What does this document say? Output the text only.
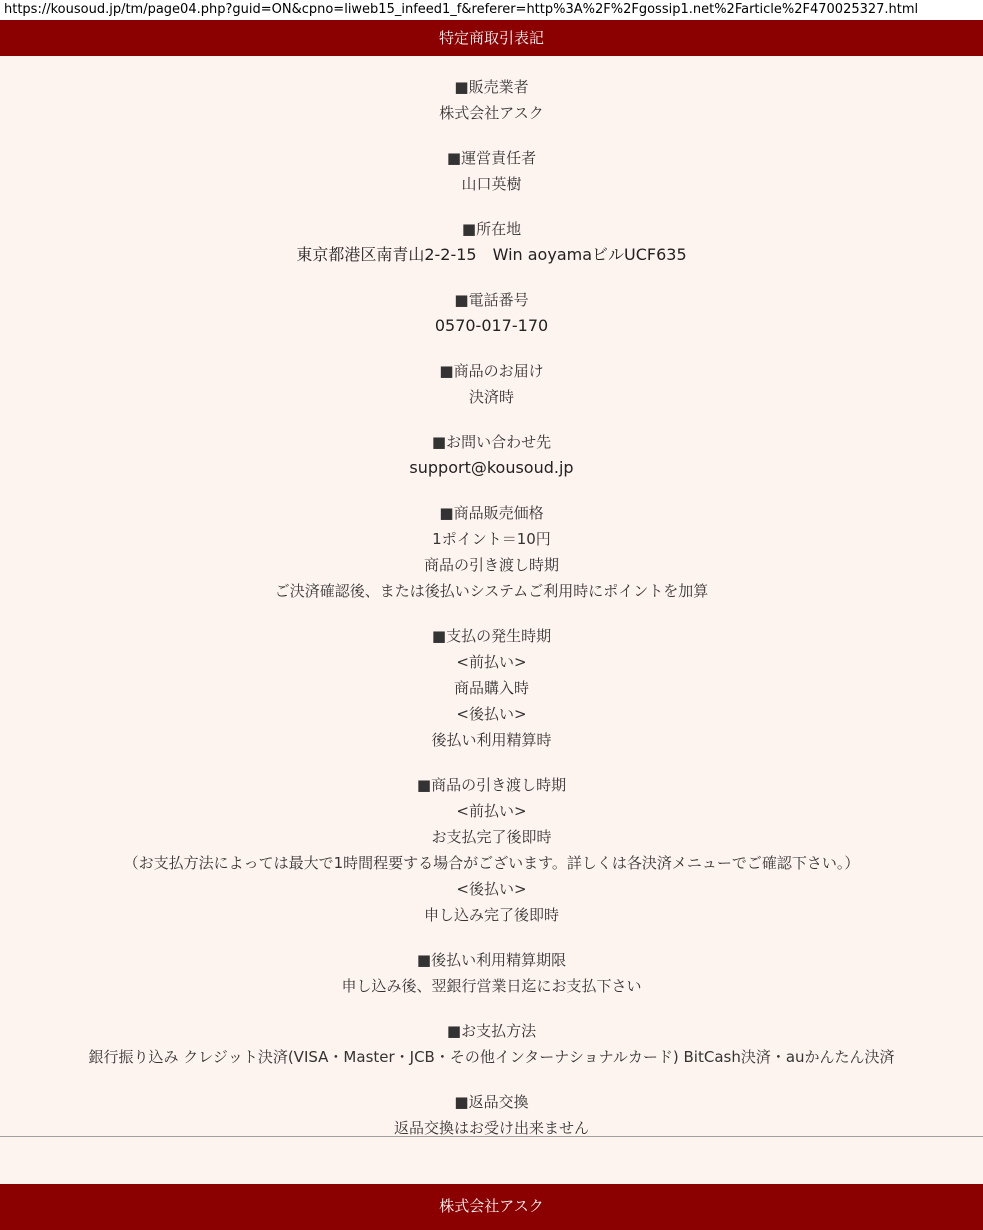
https://kousoud.jp/tm/page04.php?guid=ON&cpno=liweb15_infeed1_f&referer=http%3A%2F%2Fgossip1.net%2Farticle%2F470025327.html
特定商取引表記
■販売業者
株式会社アスク
■運営責任者
山口英樹
■所在地
東京都港区南青山2-2-15　Win aoyamaビルUCF635
■電話番号
0570-017-170
■商品のお届け
決済時
■お問い合わせ先
support@kousoud.jp
■商品販売価格
1ポイント＝10円
商品の引き渡し時期
ご決済確認後、または後払いシステムご利用時にポイントを加算
■支払の発生時期
<前払い>
商品購入時
<後払い>
後払い利用精算時
■商品の引き渡し時期
<前払い>
お支払完了後即時
（お支払方法によっては最大で1時間程要する場合がございます。詳しくは各決済メニューでご確認下さい。）
<後払い>
申し込み完了後即時
■後払い利用精算期限
申し込み後、翌銀行営業日迄にお支払下さい
■お支払方法
銀行振り込み クレジット決済(VISA・Master・JCB・その他インターナショナルカード) BitCash決済・auかんたん決済
■返品交換
返品交換はお受け出来ません
株式会社アスク
